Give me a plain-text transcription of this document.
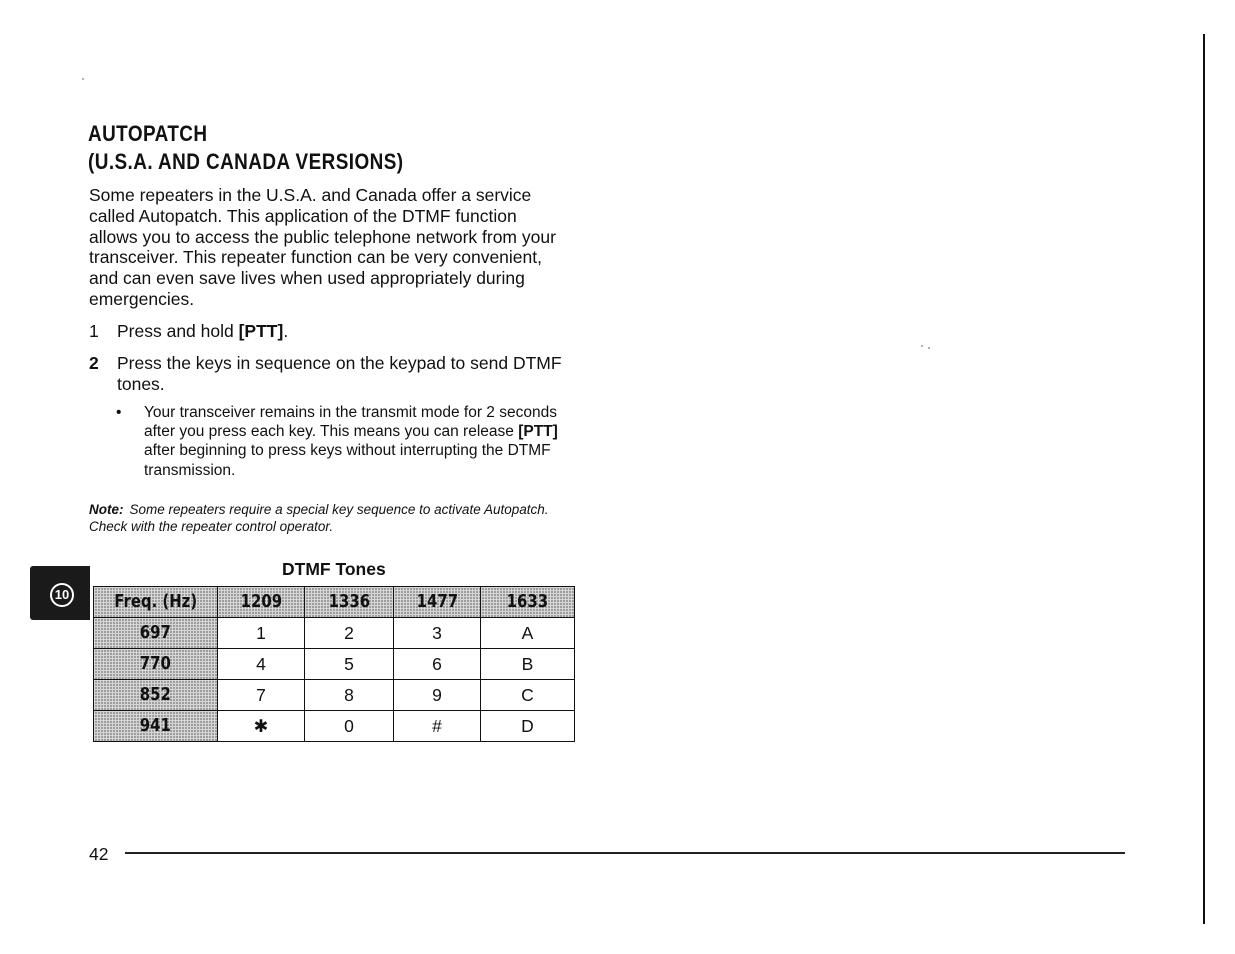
AUTOPATCH
(U.S.A. AND CANADA VERSIONS)

Some repeaters in the U.S.A. and Canada offer a service called Autopatch. This application of the DTMF function allows you to access the public telephone network from your transceiver. This repeater function can be very convenient, and can even save lives when used appropriately during emergencies.

1 Press and hold [PTT].
2 Press the keys in sequence on the keypad to send DTMF tones.
• Your transceiver remains in the transmit mode for 2 seconds after you press each key. This means you can release [PTT] after beginning to press keys without interrupting the DTMF transmission.
Note: Some repeaters require a special key sequence to activate Autopatch. Check with the repeater control operator.
10
DTMF Tones
Freq. (Hz)	1209	1336	1477	1633
697	1	2	3	A
770	4	5	6	B
852	7	8	9	C
941	✱	0	#	D
42
